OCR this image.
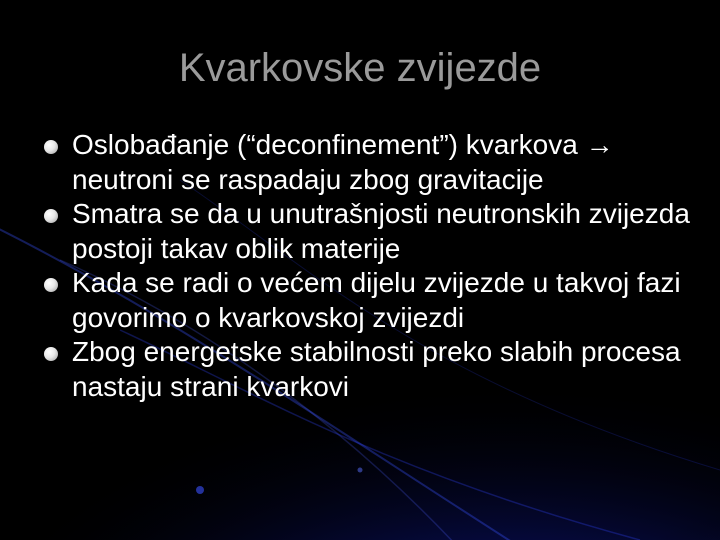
Kvarkovske zvijezde
Oslobađanje (“deconfinement”) kvarkova → neutroni se raspadaju zbog gravitacije
Smatra se da u unutrašnjosti neutronskih zvijezda postoji takav oblik materije
Kada se radi o većem dijelu zvijezde u takvoj fazi govorimo o kvarkovskoj zvijezdi
Zbog energetske stabilnosti preko slabih procesa nastaju strani kvarkovi
